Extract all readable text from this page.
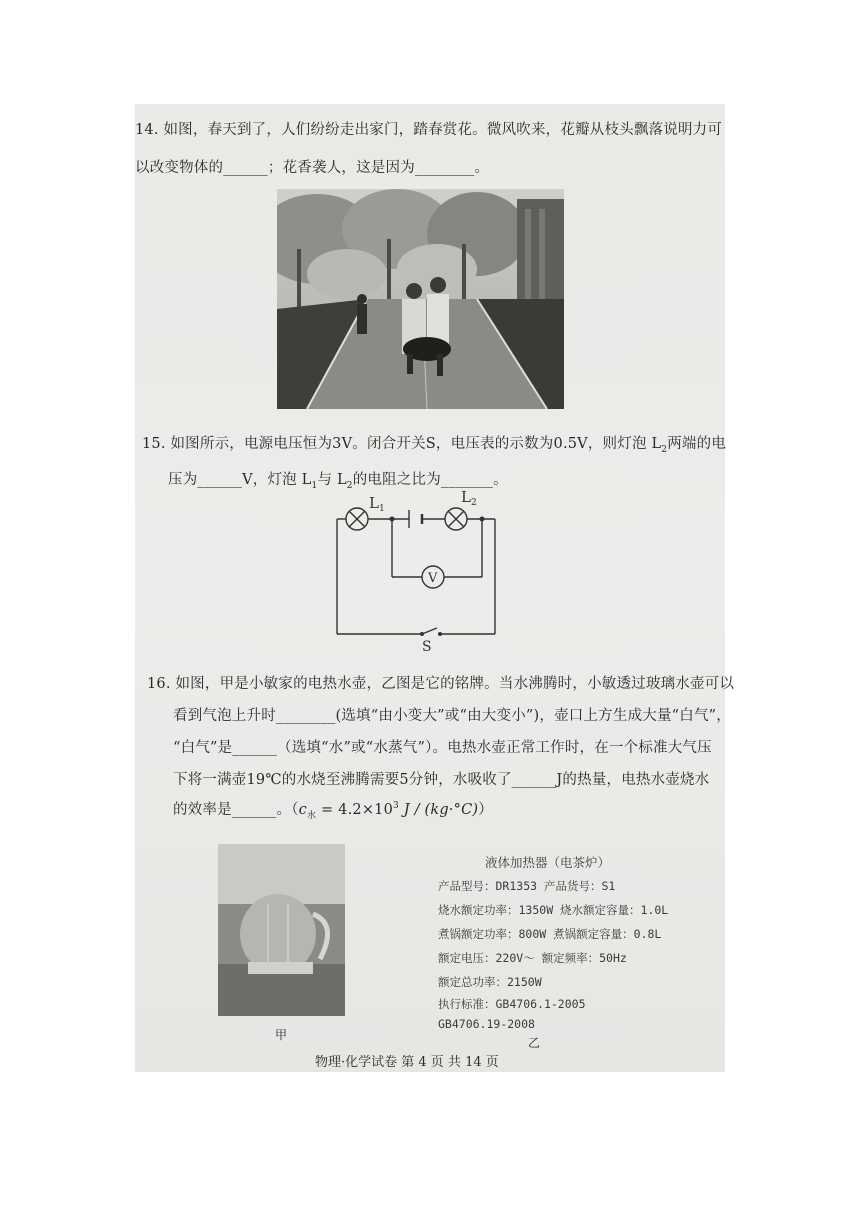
14. 如图，春天到了，人们纷纷走出家门，踏春赏花。微风吹来，花瓣从枝头飘落说明力可
以改变物体的______；花香袭人，这是因为________。
15. 如图所示，电源电压恒为3V。闭合开关S，电压表的示数为0.5V，则灯泡 $L_2$两端的电
压为______V，灯泡 $L_1$与 $L_2$的电阻之比为_______。
$L_1$
$L_2$
V
S
16. 如图，甲是小敏家的电热水壶，乙图是它的铭牌。当水沸腾时，小敏透过玻璃水壶可以
看到气泡上升时________(选填“由小变大”或“由大变小”)，壶口上方生成大量“白气”，
“白气”是______（选填“水”或“水蒸气”）。电热水壶正常工作时，在一个标准大气压
下将一满壶19℃的水烧至沸腾需要5分钟，水吸收了______J的热量，电热水壶烧水
的效率是______。（$c_水 = 4.2\times 10^3$ J / (kg·°C)）
甲
液体加热器（电茶炉）
产品型号：DR1353 产品货号：S1
烧水额定功率：1350W 烧水额定容量：1.0L
煮锅额定功率：800W 煮锅额定容量：0.8L
额定电压：220V～ 额定频率：50Hz
额定总功率：2150W
执行标准：GB4706.1-2005
GB4706.19-2008
乙
物理·化学试卷 第 4 页 共 14 页
